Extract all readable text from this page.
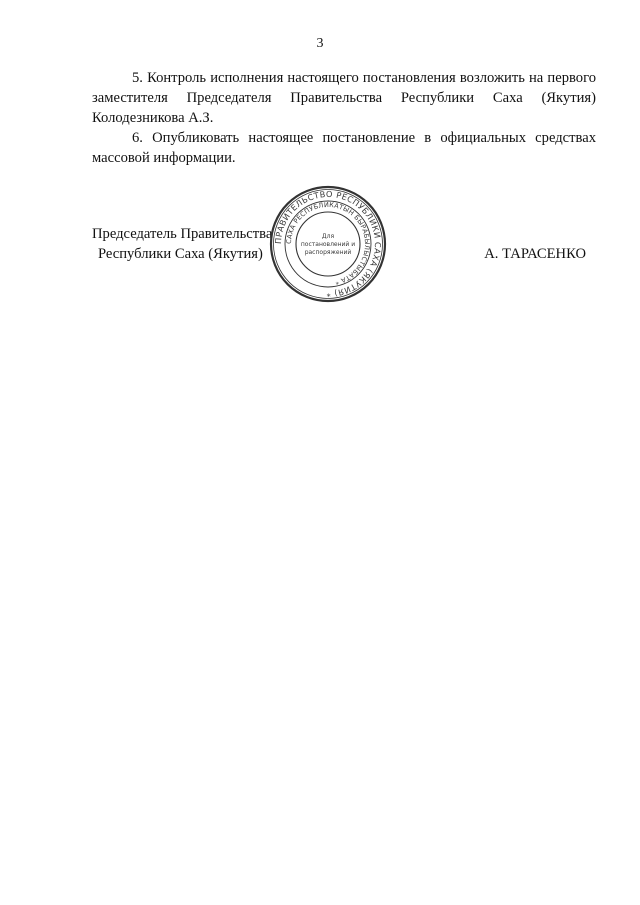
3

5. Контроль исполнения настоящего постановления возложить на первого заместителя Председателя Правительства Республики Саха (Якутия) Колодезникова А.З.

6. Опубликовать настоящее постановление в официальных средствах массовой информации.

Председатель Правительства
Республики Саха (Якутия)	А. ТАРАСЕНКО
ПРАВИТЕЛЬСТВО РЕСПУБЛИКИ САХА (ЯКУТИЯ) *
САХА РЕСПУБЛИКАТЫН БЫРАБЫЛЫСТЫБАТА *
Для
постановлений и
распоряжений
